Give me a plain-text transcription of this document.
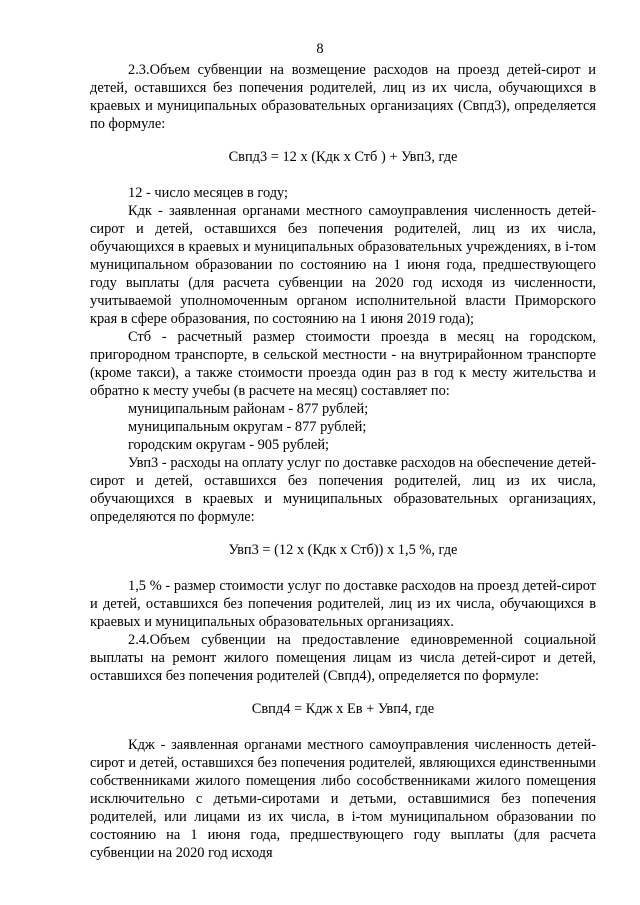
8

2.3.Объем субвенции на возмещение расходов на проезд детей-сирот и детей, оставшихся без попечения родителей, лиц из их числа, обучающихся в краевых и муниципальных образовательных организациях (Свпд3), определяется по формуле:

Свпд3 = 12 х (Кдк х Стб ) + Увп3, где

12 - число месяцев в году;

Кдк - заявленная органами местного самоуправления численность детей-сирот и детей, оставшихся без попечения родителей, лиц из их числа, обучающихся в краевых и муниципальных образовательных учреждениях, в i-том муниципальном образовании по состоянию на 1 июня года, предшествующего году выплаты (для расчета субвенции на 2020 год исходя из численности, учитываемой уполномоченным органом исполнительной власти Приморского края в сфере образования, по состоянию на 1 июня 2019 года);

Стб - расчетный размер стоимости проезда в месяц на городском, пригородном транспорте, в сельской местности - на внутрирайонном транспорте (кроме такси), а также стоимости проезда один раз в год к месту жительства и обратно к месту учебы (в расчете на месяц) составляет по:

муниципальным районам - 877 рублей;

муниципальным округам - 877 рублей;

городским округам - 905 рублей;

Увп3 - расходы на оплату услуг по доставке расходов на обеспечение детей-сирот и детей, оставшихся без попечения родителей, лиц из их числа, обучающихся в краевых и муниципальных образовательных организациях, определяются по формуле:

Увп3 = (12 х (Кдк х Стб)) х 1,5 %, где

1,5 % - размер стоимости услуг по доставке расходов на проезд детей-сирот и детей, оставшихся без попечения родителей, лиц из их числа, обучающихся в краевых и муниципальных образовательных организациях.

2.4.Объем субвенции на предоставление единовременной социальной выплаты на ремонт жилого помещения лицам из числа детей-сирот и детей, оставшихся без попечения родителей (Свпд4), определяется по формуле:

Свпд4 = Кдж х Ев + Увп4, где

Кдж - заявленная органами местного самоуправления численность детей-сирот и детей, оставшихся без попечения родителей, являющихся единственными собственниками жилого помещения либо сособственниками жилого помещения исключительно с детьми-сиротами и детьми, оставшимися без попечения родителей, или лицами из их числа, в i-том муниципальном образовании по состоянию на 1 июня года, предшествующего году выплаты (для расчета субвенции на 2020 год исходя
